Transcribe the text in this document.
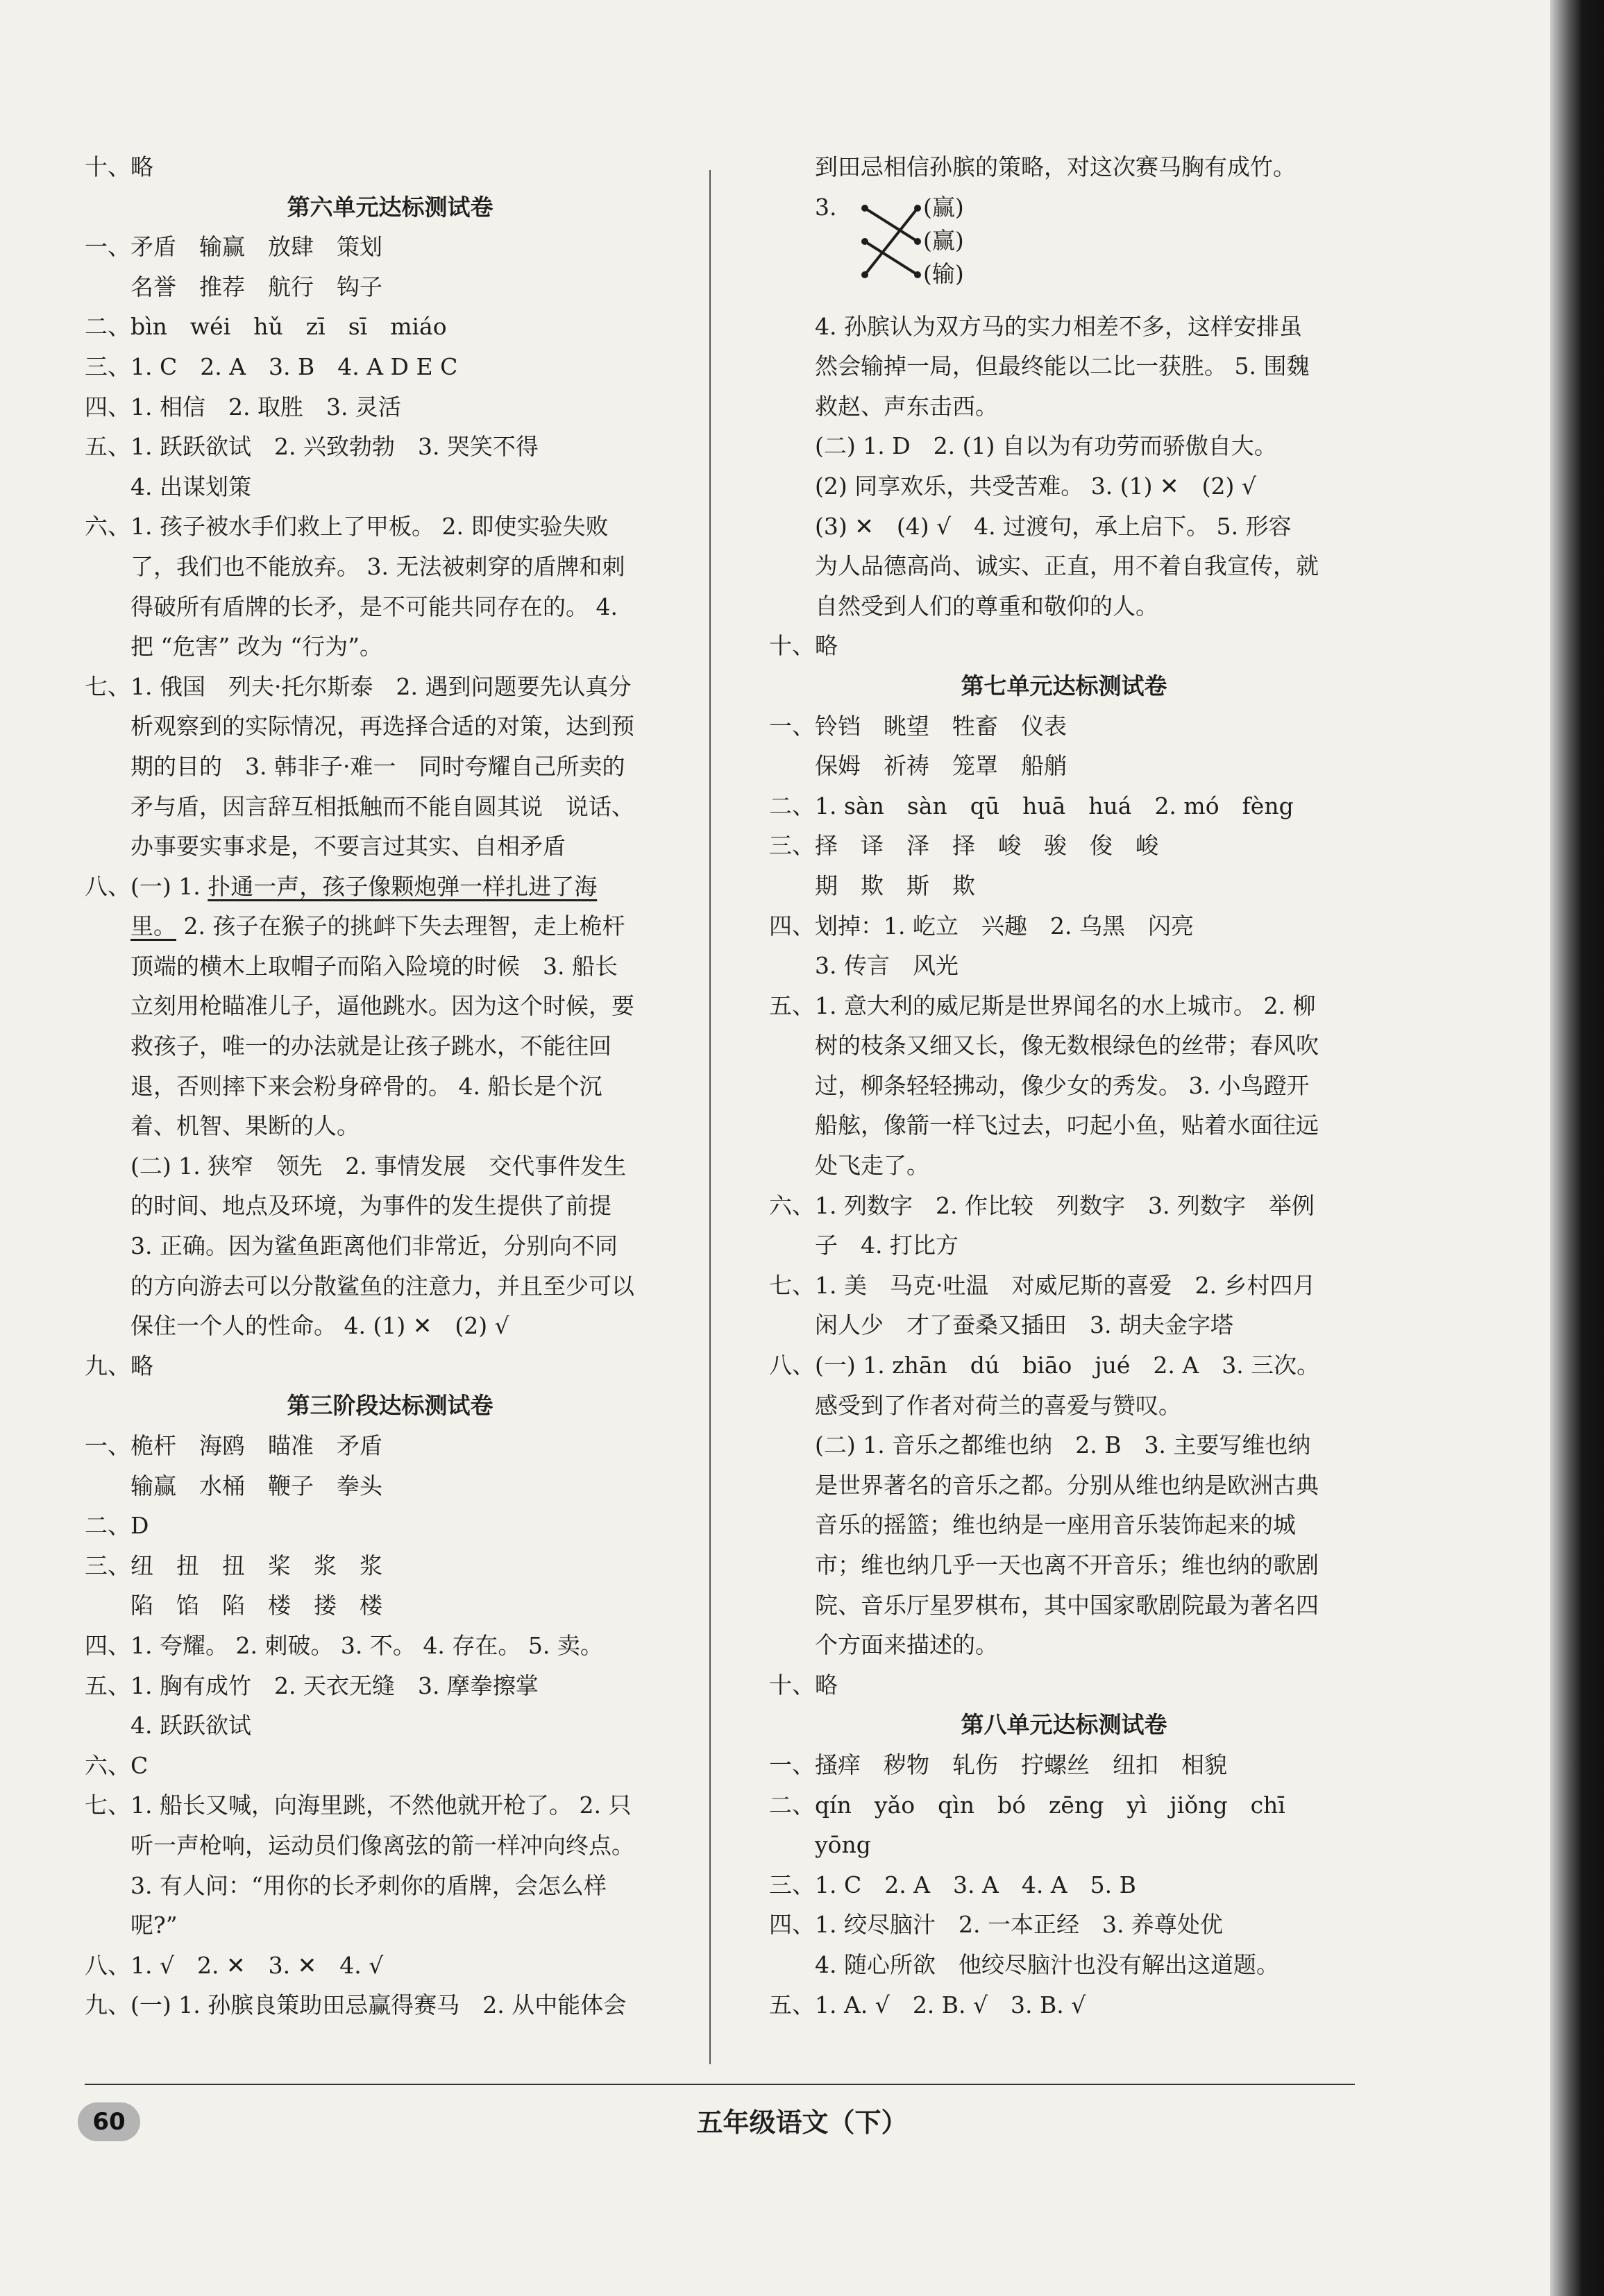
十、略
第六单元达标测试卷
一、矛盾　输赢　放肆　策划
名誉　推荐　航行　钩子
二、bìn　wéi　hǔ　zī　sī　miáo
三、1. C　2. A　3. B　4. A D E C
四、1. 相信　2. 取胜　3. 灵活
五、1. 跃跃欲试　2. 兴致勃勃　3. 哭笑不得
4. 出谋划策
六、1. 孩子被水手们救上了甲板。 2. 即使实验失败
了，我们也不能放弃。 3. 无法被刺穿的盾牌和刺
得破所有盾牌的长矛，是不可能共同存在的。 4.
把 “危害” 改为 “行为”。
七、1. 俄国　列夫·托尔斯泰　2. 遇到问题要先认真分
析观察到的实际情况，再选择合适的对策，达到预
期的目的　3. 韩非子·难一　同时夸耀自己所卖的
矛与盾，因言辞互相抵触而不能自圆其说　说话、
办事要实事求是，不要言过其实、自相矛盾
八、(一) 1. 扑通一声，孩子像颗炮弹一样扎进了海
里。 2. 孩子在猴子的挑衅下失去理智，走上桅杆
顶端的横木上取帽子而陷入险境的时候　3. 船长
立刻用枪瞄准儿子，逼他跳水。因为这个时候，要
救孩子，唯一的办法就是让孩子跳水，不能往回
退，否则摔下来会粉身碎骨的。 4. 船长是个沉
着、机智、果断的人。
(二) 1. 狭窄　领先　2. 事情发展　交代事件发生
的时间、地点及环境，为事件的发生提供了前提
3. 正确。因为鲨鱼距离他们非常近，分别向不同
的方向游去可以分散鲨鱼的注意力，并且至少可以
保住一个人的性命。 4. (1) ✕　(2) √
九、略
第三阶段达标测试卷
一、桅杆　海鸥　瞄准　矛盾
输赢　水桶　鞭子　拳头
二、D
三、纽　扭　扭　桨　浆　浆
陷　馅　陷　楼　搂　楼
四、1. 夸耀。 2. 刺破。 3. 不。 4. 存在。 5. 卖。
五、1. 胸有成竹　2. 天衣无缝　3. 摩拳擦掌
4. 跃跃欲试
六、C
七、1. 船长又喊，向海里跳，不然他就开枪了。 2. 只
听一声枪响，运动员们像离弦的箭一样冲向终点。
3. 有人问：“用你的长矛刺你的盾牌，会怎么样
呢?”
八、1. √　2. ✕　3. ✕　4. √
九、(一) 1. 孙膑良策助田忌赢得赛马　2. 从中能体会
到田忌相信孙膑的策略，对这次赛马胸有成竹。
3.	(赢)
(赢)
(输)
4. 孙膑认为双方马的实力相差不多，这样安排虽
然会输掉一局，但最终能以二比一获胜。 5. 围魏
救赵、声东击西。
(二) 1. D　2. (1) 自以为有功劳而骄傲自大。
(2) 同享欢乐，共受苦难。 3. (1) ✕　(2) √
(3) ✕　(4) √　4. 过渡句，承上启下。 5. 形容
为人品德高尚、诚实、正直，用不着自我宣传，就
自然受到人们的尊重和敬仰的人。
十、略
第七单元达标测试卷
一、铃铛　眺望　牲畜　仪表
保姆　祈祷　笼罩　船艄
二、1. sàn　sàn　qū　huā　huá　2. mó　fèng
三、择　译　泽　择　峻　骏　俊　峻
期　欺　斯　欺
四、划掉：1. 屹立　兴趣　2. 乌黑　闪亮
3. 传言　风光
五、1. 意大利的威尼斯是世界闻名的水上城市。 2. 柳
树的枝条又细又长，像无数根绿色的丝带；春风吹
过，柳条轻轻拂动，像少女的秀发。 3. 小鸟蹬开
船舷，像箭一样飞过去，叼起小鱼，贴着水面往远
处飞走了。
六、1. 列数字　2. 作比较　列数字　3. 列数字　举例
子　4. 打比方
七、1. 美　马克·吐温　对威尼斯的喜爱　2. 乡村四月
闲人少　才了蚕桑又插田　3. 胡夫金字塔
八、(一) 1. zhān　dú　biāo　jué　2. A　3. 三次。
感受到了作者对荷兰的喜爱与赞叹。
(二) 1. 音乐之都维也纳　2. B　3. 主要写维也纳
是世界著名的音乐之都。分别从维也纳是欧洲古典
音乐的摇篮；维也纳是一座用音乐装饰起来的城
市；维也纳几乎一天也离不开音乐；维也纳的歌剧
院、音乐厅星罗棋布，其中国家歌剧院最为著名四
个方面来描述的。
十、略
第八单元达标测试卷
一、搔痒　秽物　轧伤　拧螺丝　纽扣　相貌
二、qín　yǎo　qìn　bó　zēng　yì　jiǒng　chī
yōng
三、1. C　2. A　3. A　4. A　5. B
四、1. 绞尽脑汁　2. 一本正经　3. 养尊处优
4. 随心所欲　他绞尽脑汁也没有解出这道题。
五、1. A. √　2. B. √　3. B. √
60	五年级语文（下）
